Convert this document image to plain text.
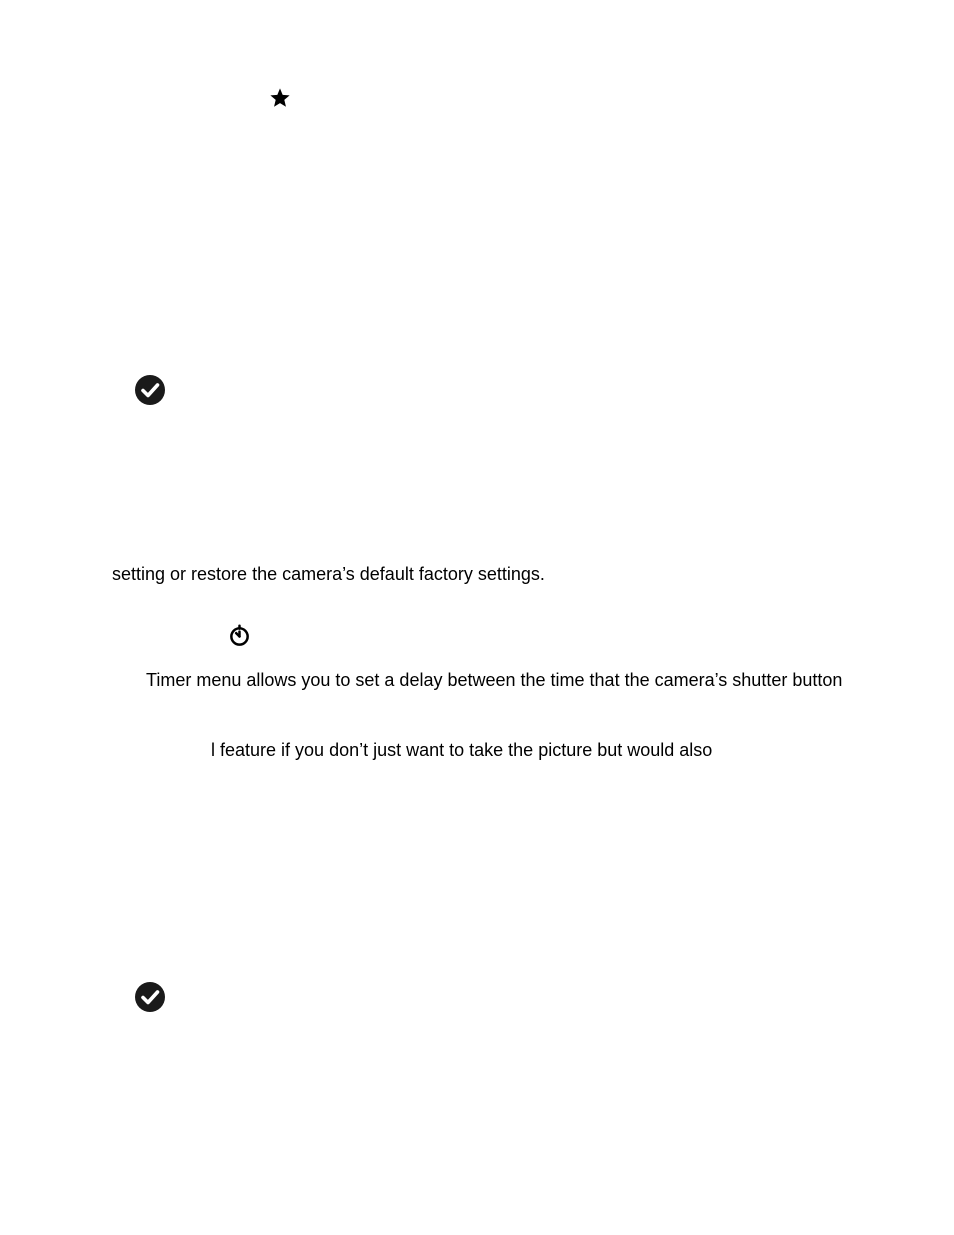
setting or restore the camera’s default factory settings.
Timer menu allows you to set a delay between the time that the camera’s shutter button
l feature if you don’t just want to take the picture but would also
